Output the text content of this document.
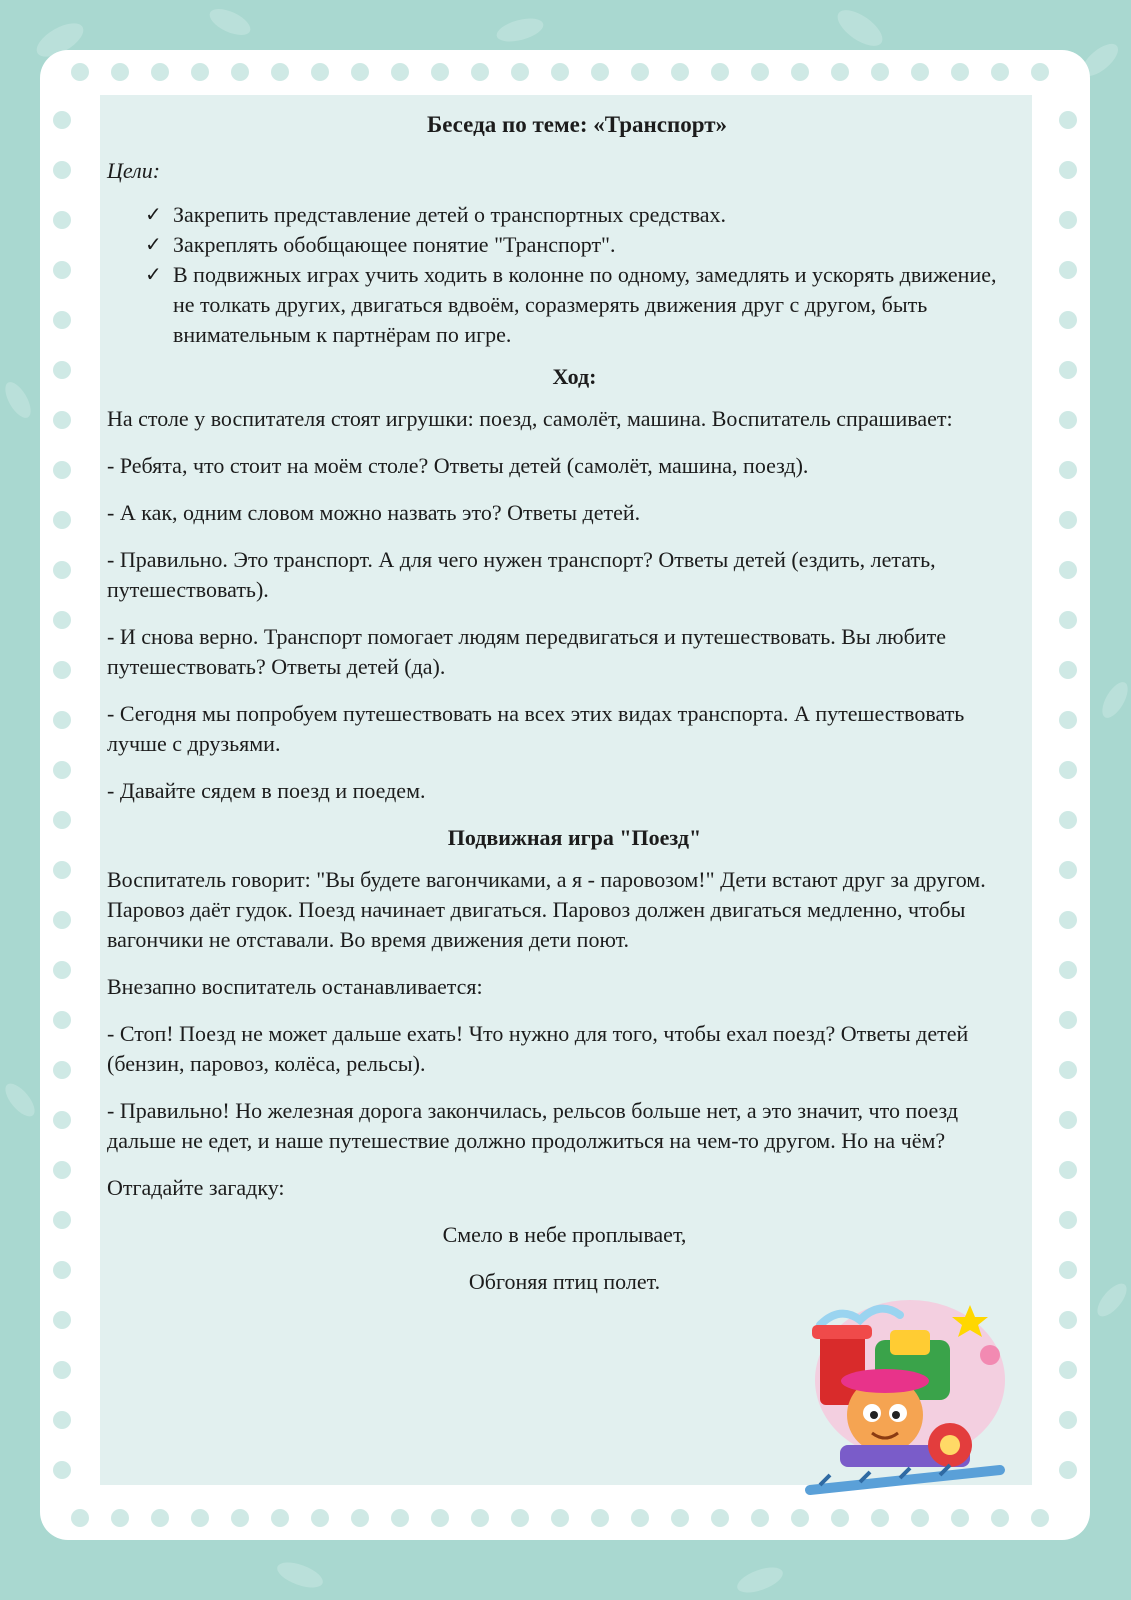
Беседа по теме: «Транспорт»
Цели:
✓ Закрепить представление детей о транспортных средствах.
✓ Закреплять обобщающее понятие "Транспорт".
✓ В подвижных играх учить ходить в колонне по одному, замедлять и ускорять движение, не толкать других, двигаться вдвоём, соразмерять движения друг с другом, быть внимательным к партнёрам по игре.
Ход:

На столе у воспитателя стоят игрушки: поезд, самолёт, машина. Воспитатель спрашивает:

- Ребята, что стоит на моём столе? Ответы детей (самолёт, машина, поезд).

- А как, одним словом можно назвать это? Ответы детей.

- Правильно. Это транспорт. А для чего нужен транспорт? Ответы детей (ездить, летать, путешествовать).

- И снова верно. Транспорт помогает людям передвигаться и путешествовать. Вы любите путешествовать? Ответы детей (да).

- Сегодня мы попробуем путешествовать на всех этих видах транспорта. А путешествовать лучше с друзьями.

- Давайте сядем в поезд и поедем.

Подвижная игра "Поезд"

Воспитатель говорит: "Вы будете вагончиками, а я - паровозом!" Дети встают друг за другом. Паровоз даёт гудок. Поезд начинает двигаться. Паровоз должен двигаться медленно, чтобы вагончики не отставали. Во время движения дети поют.

Внезапно воспитатель останавливается:

- Стоп! Поезд не может дальше ехать! Что нужно для того, чтобы ехал поезд? Ответы детей (бензин, паровоз, колёса, рельсы).

- Правильно! Но железная дорога закончилась, рельсов больше нет, а это значит, что поезд дальше не едет, и наше путешествие должно продолжиться на чем-то другом. Но на чём?

Отгадайте загадку:

Смело в небе проплывает,
Обгоняя птиц полет.
